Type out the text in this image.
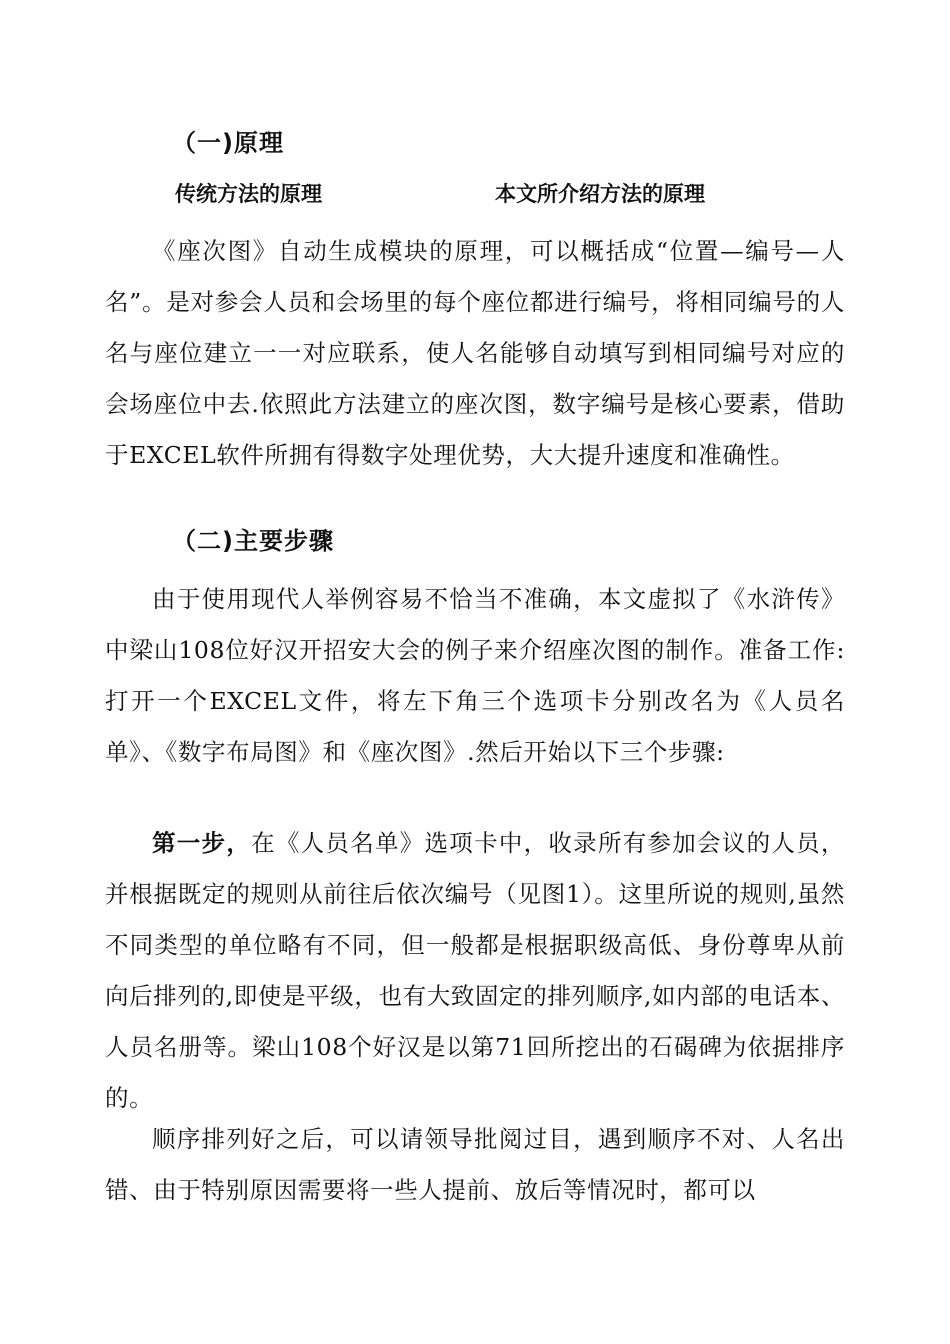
（一)原理
传统方法的原理	本文所介绍方法的原理

《座次图》自动生成模块的原理，可以概括成“位置—编号—人名”。是对参会人员和会场里的每个座位都进行编号，将相同编号的人名与座位建立一一对应联系，使人名能够自动填写到相同编号对应的会场座位中去.依照此方法建立的座次图，数字编号是核心要素，借助于EXCEL软件所拥有得数字处理优势，大大提升速度和准确性。

（二)主要步骤

由于使用现代人举例容易不恰当不准确，本文虚拟了《水浒传》中梁山108位好汉开招安大会的例子来介绍座次图的制作。准备工作:打开一个EXCEL文件，将左下角三个选项卡分别改名为《人员名单》、《数字布局图》和《座次图》.然后开始以下三个步骤:

第一步，在《人员名单》选项卡中，收录所有参加会议的人员，并根据既定的规则从前往后依次编号（见图1）。这里所说的规则,虽然不同类型的单位略有不同，但一般都是根据职级高低、身份尊卑从前向后排列的,即使是平级，也有大致固定的排列顺序,如内部的电话本、人员名册等。梁山108个好汉是以第71回所挖出的石碣碑为依据排序的。

顺序排列好之后，可以请领导批阅过目，遇到顺序不对、人名出错、由于特别原因需要将一些人提前、放后等情况时，都可以
